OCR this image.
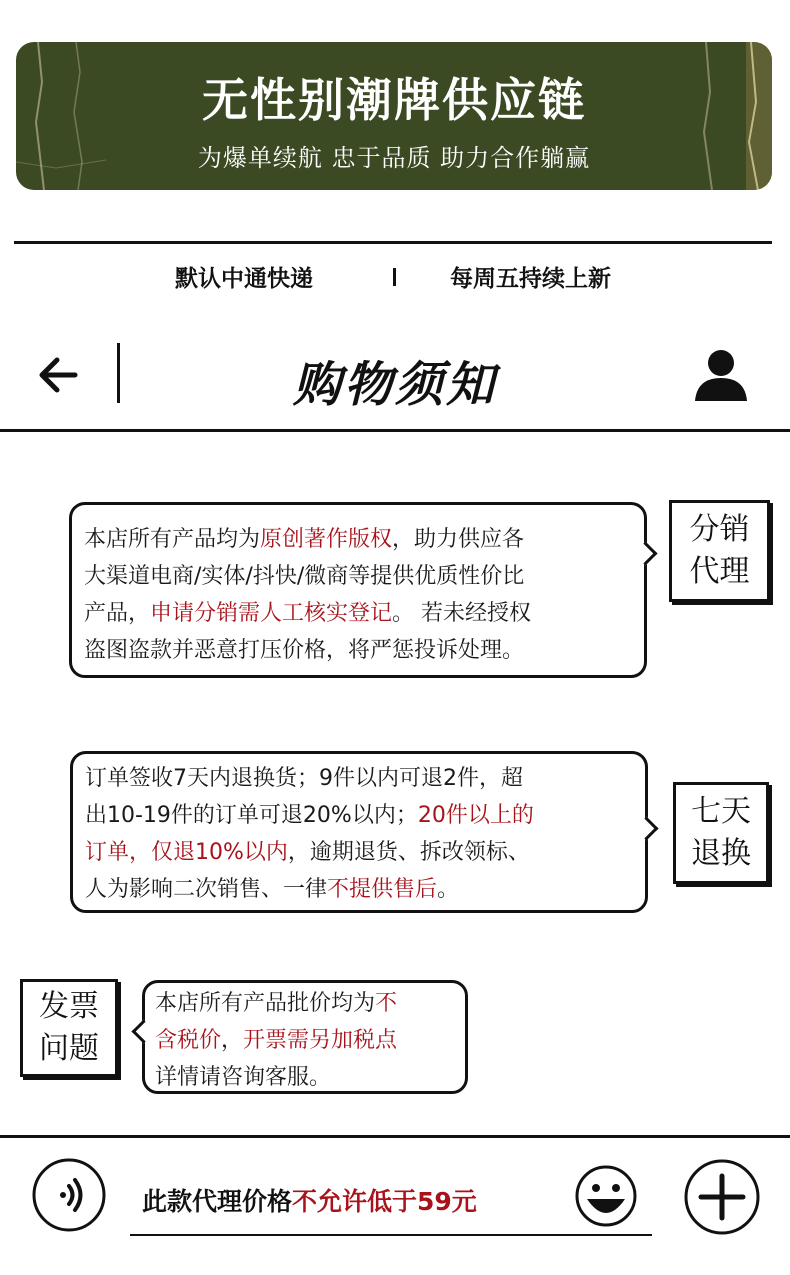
无性别潮牌供应链
为爆单续航 忠于品质 助力合作躺赢
默认中通快递	每周五持续上新
购物须知

本店所有产品均为原创著作版权，助力供应各

大渠道电商/实体/抖快/微商等提供优质性价比

产品，申请分销需人工核实登记。 若未经授权

盗图盗款并恶意打压价格，将严惩投诉处理。

分销

代理

订单签收7天内退换货；9件以内可退2件，超

出10-19件的订单可退20%以内；20件以上的

订单，仅退10%以内，逾期退货、拆改领标、

人为影响二次销售、一律不提供售后。

七天

退换

发票

问题

本店所有产品批价均为不

含税价，开票需另加税点

详情请咨询客服。

此款代理价格不允许低于59元
